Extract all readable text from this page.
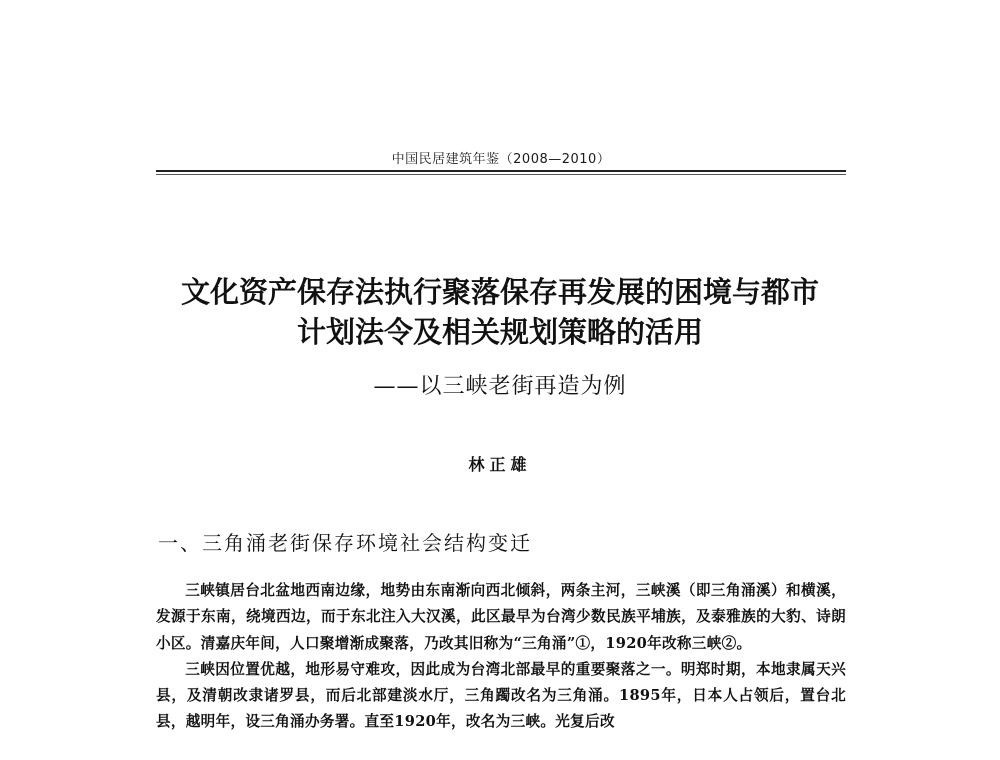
中国民居建筑年鉴（2008—2010）
文化资产保存法执行聚落保存再发展的困境与都市
计划法令及相关规划策略的活用
——以三峡老街再造为例
林正雄
一、三角涌老街保存环境社会结构变迁

三峡镇居台北盆地西南边缘，地势由东南渐向西北倾斜，两条主河，三峡溪（即三角涌溪）和横溪，发源于东南，绕境西边，而于东北注入大汉溪，此区最早为台湾少数民族平埔族，及泰雅族的大豹、诗朗小区。清嘉庆年间，人口聚增渐成聚落，乃改其旧称为“三角涌”①，1920年改称三峡②。

三峡因位置优越，地形易守难攻，因此成为台湾北部最早的重要聚落之一。明郑时期，本地隶属天兴县，及清朝改隶诸罗县，而后北部建淡水厅，三角躅改名为三角涌。1895年，日本人占领后，置台北县，越明年，设三角涌办务署。直至1920年，改名为三峡。光复后改
